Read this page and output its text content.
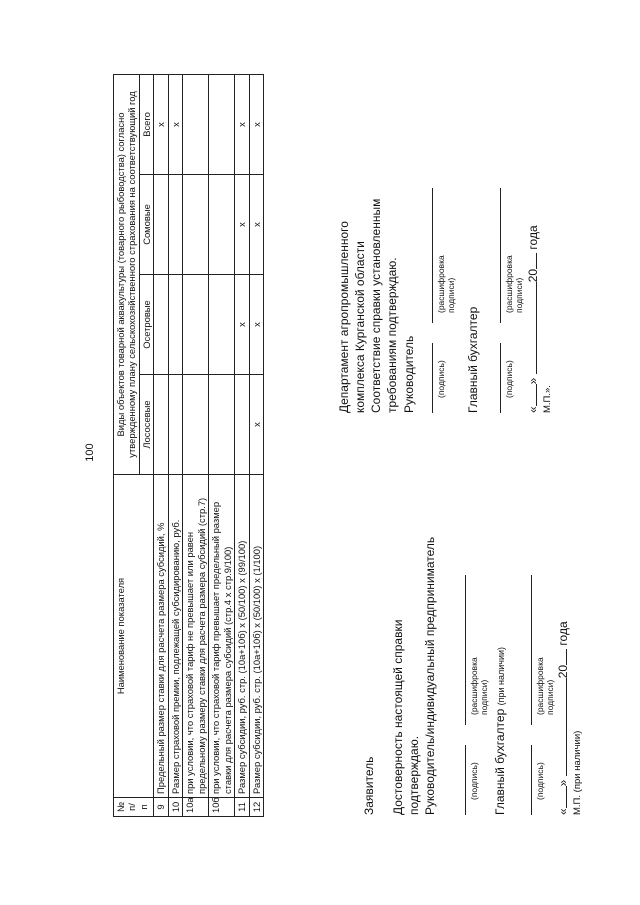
100
№
п/п	Наименование показателя	Виды объектов товарной аквакультуры (товарного рыбоводства) согласно утвержденному плану сельскохозяйственного страхования на соответствующий год			
		Лососевые	Осетровые	Сомовые	Всего
9	Предельный размер ставки для расчета размера субсидий, %				x
10	Размер страховой премии, подлежащей субсидированию, руб.				x
10а	при условии, что страховой тариф не превышает или равен предельному размеру ставки для расчета размера субсидий (стр.7)				
10б	при условии, что страховой тариф превышает предельный размер ставки для расчета размера субсидий (стр.4 х стр.9/100)				
11	Размер субсидии, руб. стр. (10а+10б) х (50/100) х (99/100)		x	x	x
12	Размер субсидии, руб. стр. (10а+10б) х (50/100) х (1/100)	x	x	x	x
Заявитель Достоверность настоящей справки подтверждаю. Руководитель/индивидуальный предприниматель	(подпись)
(расшифровка подписи)
Главный бухгалтер (при наличии)
(подпись)
(расшифровка подписи)
«» 20 года
М.П. (при наличии)
Департамент агропромышленного комплекса Курганской области Соответствие справки установленным требованиям подтверждаю. Руководитель (подпись)
(расшифровка подписи)
Главный бухгалтер	(подпись)
(расшифровка подписи)
«» 20 года
М.П.».
